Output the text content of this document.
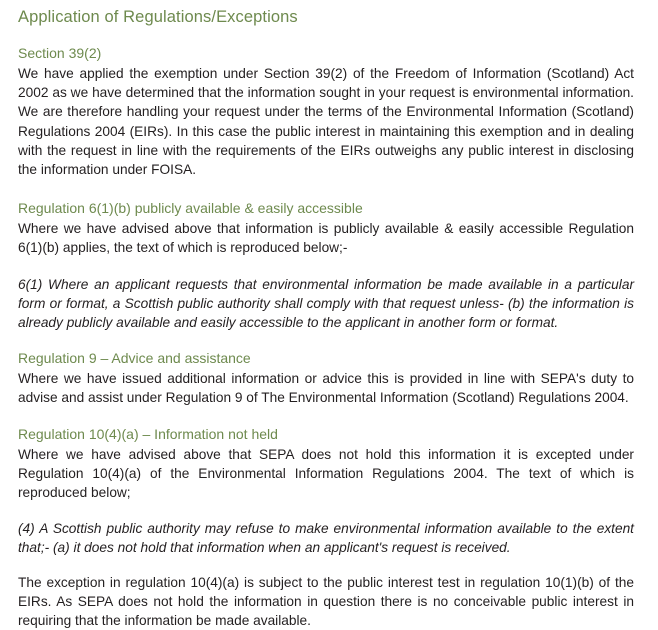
Application of Regulations/Exceptions
Section 39(2)

We have applied the exemption under Section 39(2) of the Freedom of Information (Scotland) Act 2002 as we have determined that the information sought in your request is environmental information. We are therefore handling your request under the terms of the Environmental Information (Scotland) Regulations 2004 (EIRs). In this case the public interest in maintaining this exemption and in dealing with the request in line with the requirements of the EIRs outweighs any public interest in disclosing the information under FOISA.

Regulation 6(1)(b) publicly available & easily accessible

Where we have advised above that information is publicly available & easily accessible Regulation 6(1)(b) applies, the text of which is reproduced below;-

6(1) Where an applicant requests that environmental information be made available in a particular form or format, a Scottish public authority shall comply with that request unless- (b) the information is already publicly available and easily accessible to the applicant in another form or format.

Regulation 9 – Advice and assistance

Where we have issued additional information or advice this is provided in line with SEPA's duty to advise and assist under Regulation 9 of The Environmental Information (Scotland) Regulations 2004.

Regulation 10(4)(a) – Information not held

Where we have advised above that SEPA does not hold this information it is excepted under Regulation 10(4)(a) of the Environmental Information Regulations 2004. The text of which is reproduced below;

(4) A Scottish public authority may refuse to make environmental information available to the extent that;- (a) it does not hold that information when an applicant's request is received.

The exception in regulation 10(4)(a) is subject to the public interest test in regulation 10(1)(b) of the EIRs. As SEPA does not hold the information in question there is no conceivable public interest in requiring that the information be made available.
